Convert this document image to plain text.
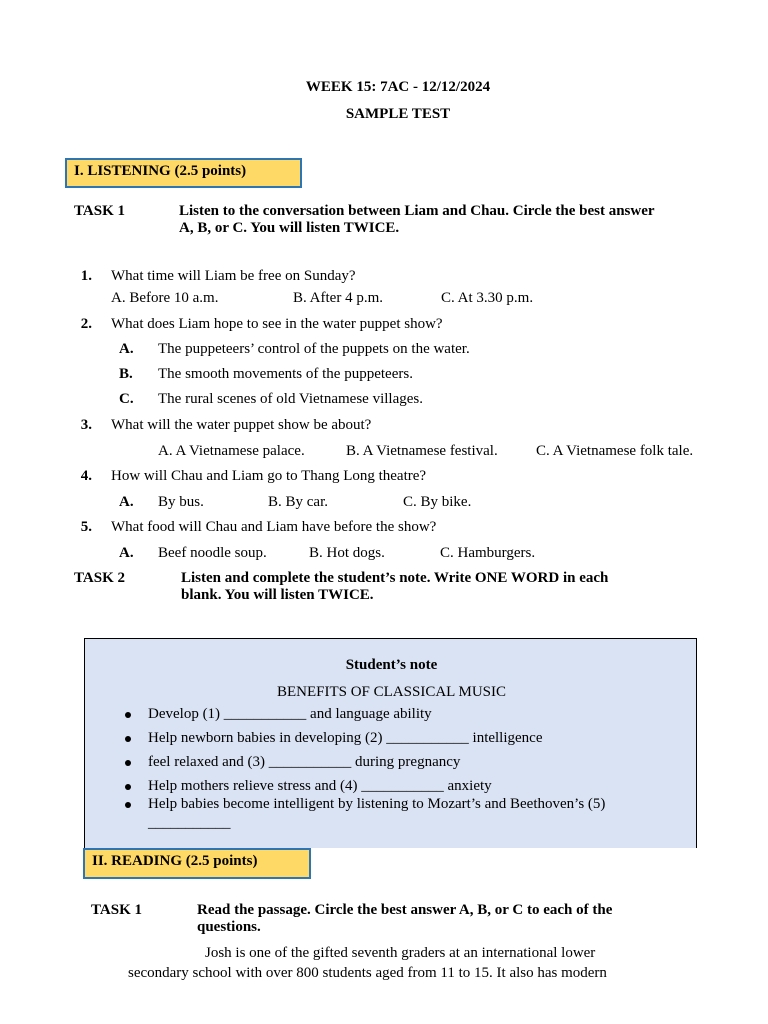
WEEK 15: 7AC - 12/12/2024
SAMPLE TEST
I. LISTENING (2.5 points)
TASK 1	Listen to the conversation between Liam and Chau. Circle the best answer
A, B, or C. You will listen TWICE.
1. What time will Liam be free on Sunday?
A. Before 10 a.m.	B. After 4 p.m.	C. At 3.30 p.m.
2. What does Liam hope to see in the water puppet show?
A. The puppeteers’ control of the puppets on the water.
B. The smooth movements of the puppeteers.
C. The rural scenes of old Vietnamese villages.
3. What will the water puppet show be about?
A. A Vietnamese palace.	B. A Vietnamese festival.	C. A Vietnamese folk tale.
4. How will Chau and Liam go to Thang Long theatre?
A. By bus.	B. By car.	C. By bike.
5. What food will Chau and Liam have before the show?
A. Beef noodle soup.	B. Hot dogs.	C. Hamburgers.
TASK 2	Listen and complete the student’s note. Write ONE WORD in each
blank. You will listen TWICE.
Student’s note
BENEFITS OF CLASSICAL MUSIC
Develop (1) ___________ and language ability
Help newborn babies in developing (2) ___________ intelligence
feel relaxed and (3) ___________ during pregnancy
Help mothers relieve stress and (4) ___________ anxiety
Help babies become intelligent by listening to Mozart’s and Beethoven’s (5)
___________
II. READING (2.5 points)
TASK 1	Read the passage. Circle the best answer A, B, or C to each of the
questions.
Josh is one of the gifted seventh graders at an international lower
secondary school with over 800 students aged from 11 to 15. It also has modern
